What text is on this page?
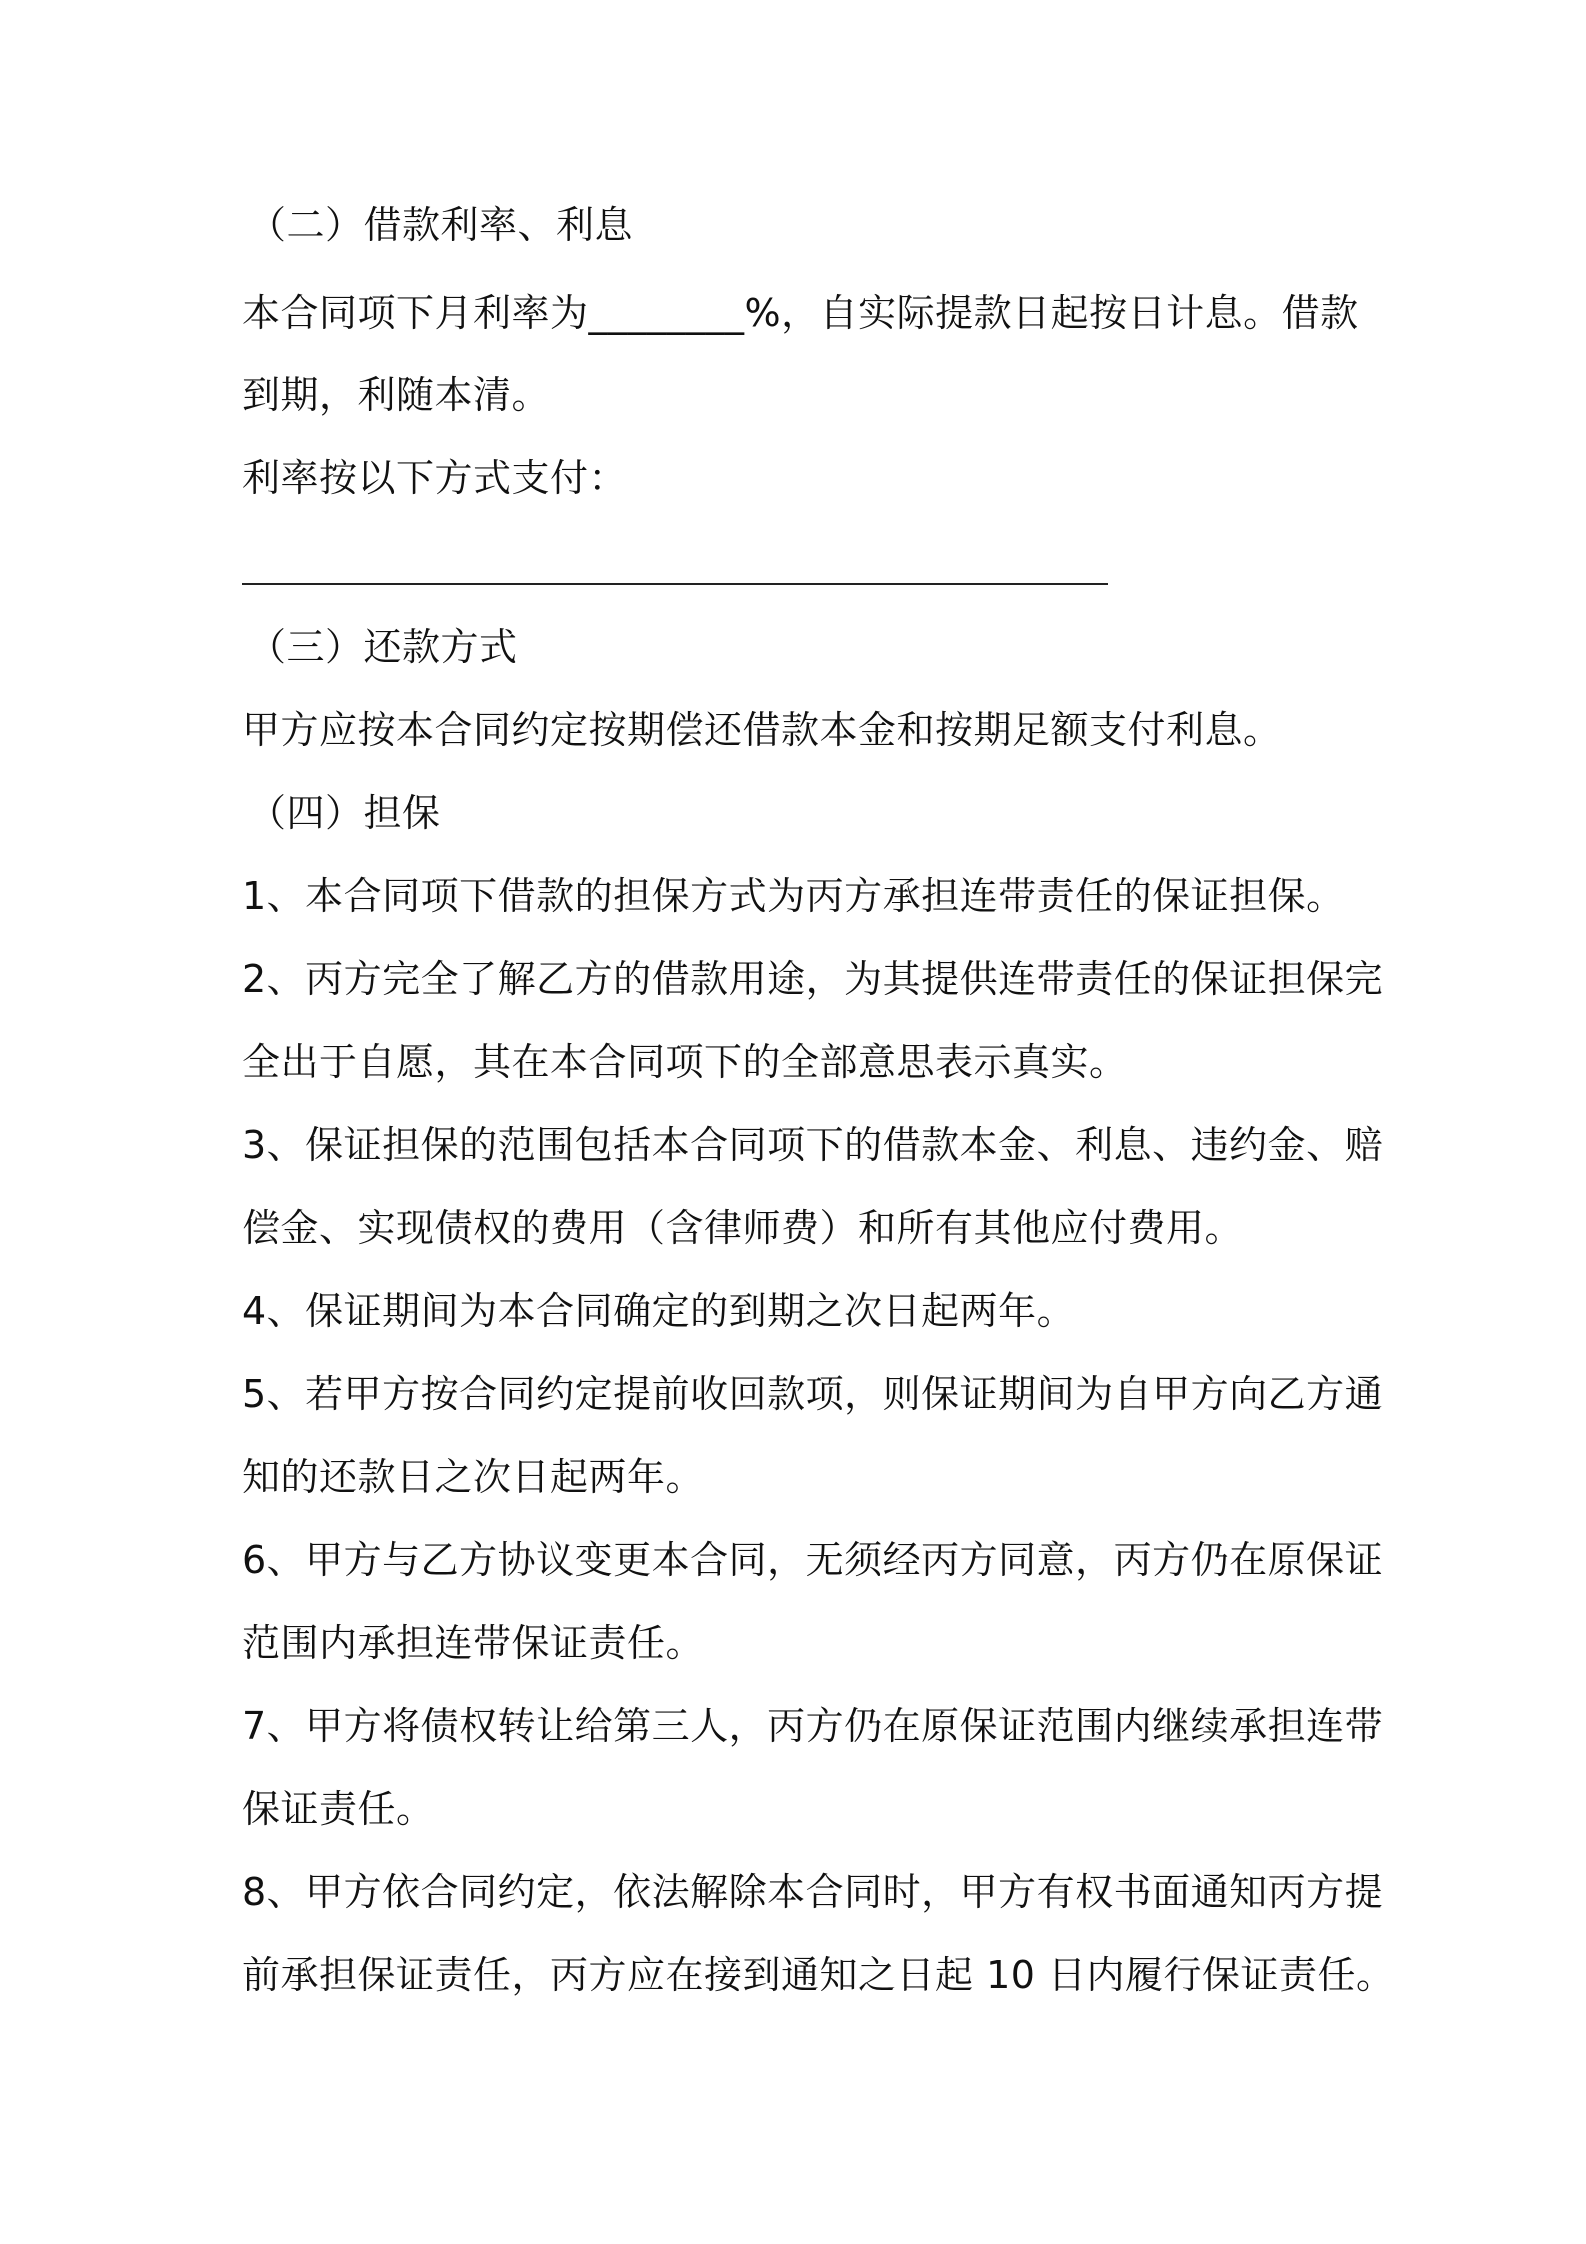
（二）借款利率、利息
本合同项下月利率为________%，自实际提款日起按日计息。借款
到期，利随本清。
利率按以下方式支付：
（三）还款方式
甲方应按本合同约定按期偿还借款本金和按期足额支付利息。
（四）担保
1、本合同项下借款的担保方式为丙方承担连带责任的保证担保。
2、丙方完全了解乙方的借款用途，为其提供连带责任的保证担保完
全出于自愿，其在本合同项下的全部意思表示真实。
3、保证担保的范围包括本合同项下的借款本金、利息、违约金、赔
偿金、实现债权的费用（含律师费）和所有其他应付费用。
4、保证期间为本合同确定的到期之次日起两年。
5、若甲方按合同约定提前收回款项，则保证期间为自甲方向乙方通
知的还款日之次日起两年。
6、甲方与乙方协议变更本合同，无须经丙方同意，丙方仍在原保证
范围内承担连带保证责任。
7、甲方将债权转让给第三人，丙方仍在原保证范围内继续承担连带
保证责任。
8、甲方依合同约定，依法解除本合同时，甲方有权书面通知丙方提
前承担保证责任，丙方应在接到通知之日起 10 日内履行保证责任。
